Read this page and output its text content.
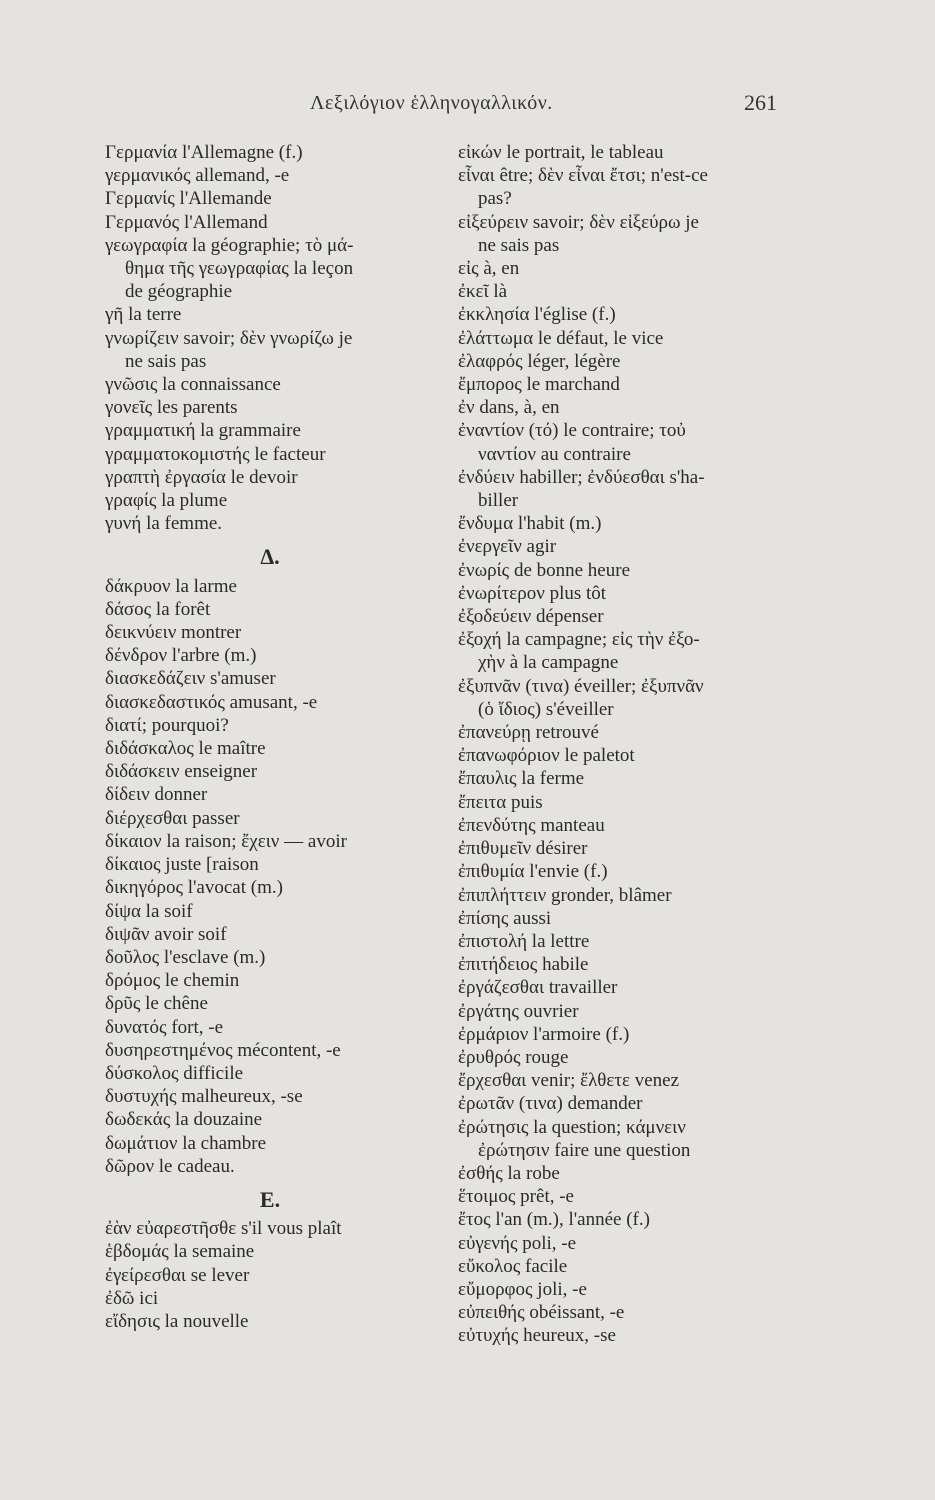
Λεξιλόγιον ἑλληνογαλλικόν.	261
Γερμανία l'Allemagne (f.)
γερμανικός allemand, -e
Γερμανίς l'Allemande
Γερμανός l'Allemand
γεωγραφία la géographie; τὸ μά-
θημα τῆς γεωγραφίας la leçon
de géographie
γῆ la terre
γνωρίζειν savoir; δὲν γνωρίζω je
ne sais pas
γνῶσις la connaissance
γονεῖς les parents
γραμματική la grammaire
γραμματοκομιστής le facteur
γραπτὴ ἐργασία le devoir
γραφίς la plume
γυνή la femme.
Δ.
δάκρυον la larme
δάσος la forêt
δεικνύειν montrer
δένδρον l'arbre (m.)
διασκεδάζειν s'amuser
διασκεδαστικός amusant, -e
διατί; pourquoi?
διδάσκαλος le maître
διδάσκειν enseigner
δίδειν donner
διέρχεσθαι passer
δίκαιον la raison; ἔχειν — avoir
δίκαιος juste [raison
δικηγόρος l'avocat (m.)
δίψα la soif
διψᾶν avoir soif
δοῦλος l'esclave (m.)
δρόμος le chemin
δρῦς le chêne
δυνατός fort, -e
δυσηρεστημένος mécontent, -e
δύσκολος difficile
δυστυχής malheureux, -se
δωδεκάς la douzaine
δωμάτιον la chambre
δῶρον le cadeau.
E.
ἐὰν εὐαρεστῆσθε s'il vous plaît
ἑβδομάς la semaine
ἐγείρεσθαι se lever
ἐδῶ ici
εἴδησις la nouvelle
εἰκών le portrait, le tableau
εἶναι être; δὲν εἶναι ἔτσι; n'est-ce
pas?
εἰξεύρειν savoir; δὲν εἰξεύρω je
ne sais pas
εἰς à, en
ἐκεῖ là
ἐκκλησία l'église (f.)
ἐλάττωμα le défaut, le vice
ἐλαφρός léger, légère
ἔμπορος le marchand
ἐν dans, à, en
ἐναντίον (τό) le contraire; τοὐ
ναντίον au contraire
ἐνδύειν habiller; ἐνδύεσθαι s'ha-
biller
ἔνδυμα l'habit (m.)
ἐνεργεῖν agir
ἐνωρίς de bonne heure
ἐνωρίτερον plus tôt
ἐξοδεύειν dépenser
ἐξοχή la campagne; εἰς τὴν ἐξο-
χὴν à la campagne
ἐξυπνᾶν (τινα) éveiller; ἐξυπνᾶν
(ὁ ἴδιος) s'éveiller
ἐπανεύρῃ retrouvé
ἐπανωφόριον le paletot
ἔπαυλις la ferme
ἔπειτα puis
ἐπενδύτης manteau
ἐπιθυμεῖν désirer
ἐπιθυμία l'envie (f.)
ἐπιπλήττειν gronder, blâmer
ἐπίσης aussi
ἐπιστολή la lettre
ἐπιτήδειος habile
ἐργάζεσθαι travailler
ἐργάτης ouvrier
ἐρμάριον l'armoire (f.)
ἐρυθρός rouge
ἔρχεσθαι venir; ἔλθετε venez
ἐρωτᾶν (τινα) demander
ἐρώτησις la question; κάμνειν
ἐρώτησιν faire une question
ἐσθής la robe
ἕτοιμος prêt, -e
ἔτος l'an (m.), l'année (f.)
εὐγενής poli, -e
εὔκολος facile
εὔμορφος joli, -e
εὐπειθής obéissant, -e
εὐτυχής heureux, -se
